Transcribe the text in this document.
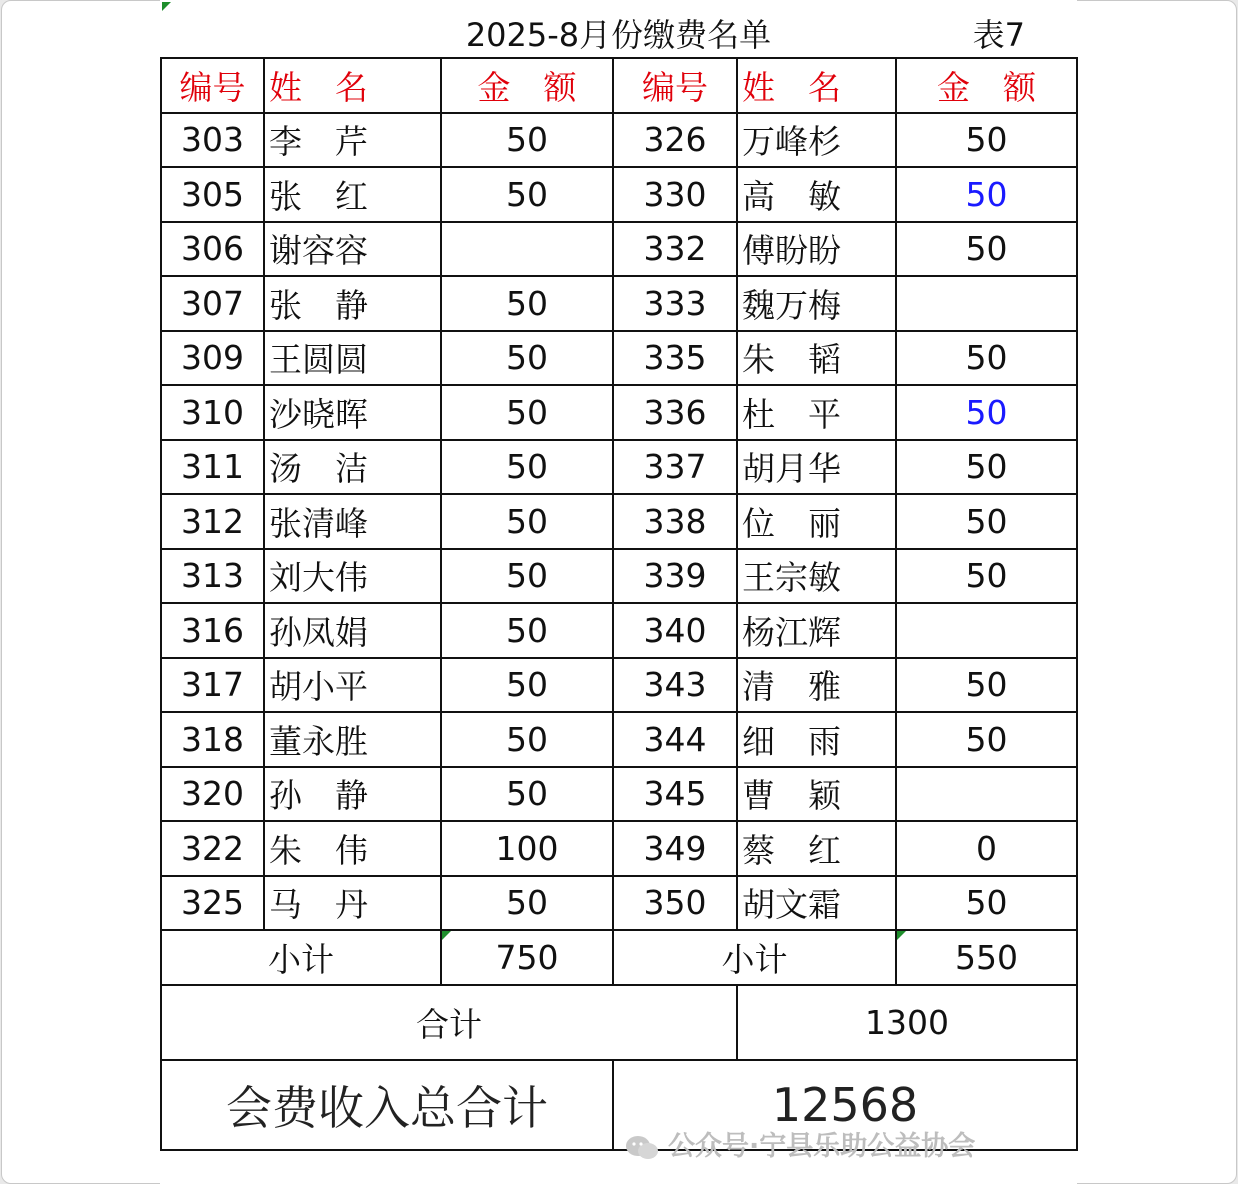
2025-8月份缴费名单	表7
编号	姓　名	金　额	编号	姓　名	金　额
303	李　芹	50	326	万峰杉	50
305	张　红	50	330	高　敏	50
306	谢容容		332	傅盼盼	50
307	张　静	50	333	魏万梅	
309	王圆圆	50	335	朱　韬	50
310	沙晓晖	50	336	杜　平	50
311	汤　洁	50	337	胡月华	50
312	张清峰	50	338	位　丽	50
313	刘大伟	50	339	王宗敏	50
316	孙凤娟	50	340	杨江辉	
317	胡小平	50	343	清　雅	50
318	董永胜	50	344	细　雨	50
320	孙　静	50	345	曹　颖	
322	朱　伟	100	349	蔡　红	0
325	马　丹	50	350	胡文霜	50
小计		750	小计		550

合计				1300	
会费收入总合计			12568		
公众号·宁县乐助公益协会
